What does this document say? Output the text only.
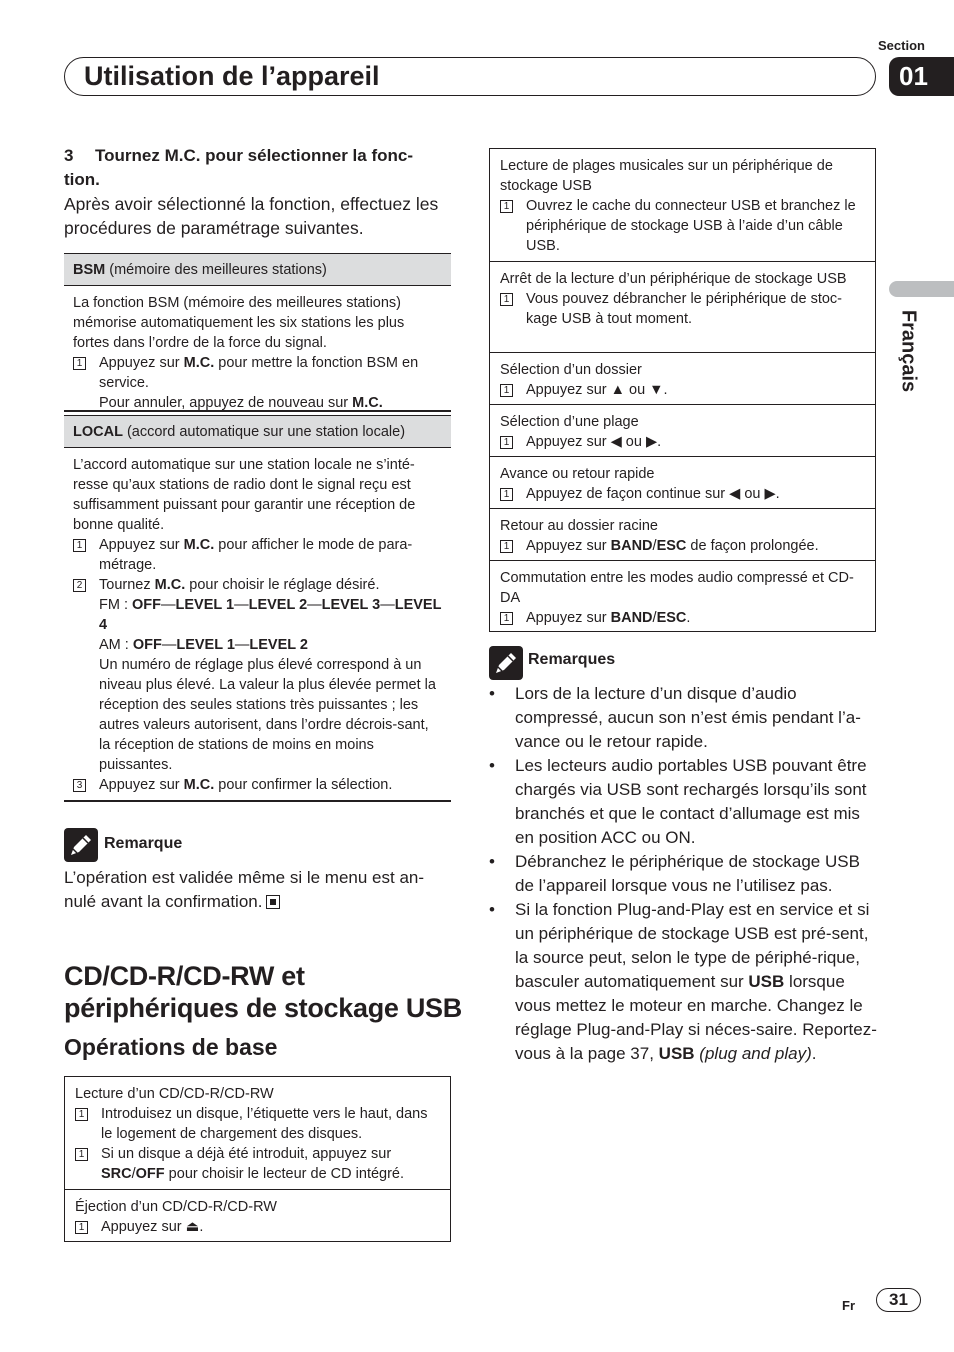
Section
Utilisation de l’appareil	01
Français
3 Tournez M.C. pour sélectionner la fonc-
tion.
Après avoir sélectionné la fonction, effectuez les procédures de paramétrage suivantes.
BSM (mémoire des meilleures stations)
La fonction BSM (mémoire des meilleures stations) mémorise automatiquement les six stations les plus fortes dans l’ordre de la force du signal.
1 Appuyez sur M.C. pour mettre la fonction BSM en service.
Pour annuler, appuyez de nouveau sur M.C.
LOCAL (accord automatique sur une station locale)
L’accord automatique sur une station locale ne s’inté-resse qu’aux stations de radio dont le signal reçu est suffisamment puissant pour garantir une réception de bonne qualité.
1 Appuyez sur M.C. pour afficher le mode de para-métrage.
2 Tournez M.C. pour choisir le réglage désiré.
FM : OFF—LEVEL 1—LEVEL 2—LEVEL 3—LEVEL 4
AM : OFF—LEVEL 1—LEVEL 2
Un numéro de réglage plus élevé correspond à un niveau plus élevé. La valeur la plus élevée permet la réception des seules stations très puissantes ; les autres valeurs autorisent, dans l’ordre décrois-sant, la réception de stations de moins en moins puissantes.
3 Appuyez sur M.C. pour confirmer la sélection.
Remarque
L’opération est validée même si le menu est an-nulé avant la confirmation.
CD/CD-R/CD-RW et
périphériques de stockage USB
Opérations de base
Lecture d’un CD/CD-R/CD-RW
1 Introduisez un disque, l’étiquette vers le haut, dans le logement de chargement des disques.
1 Si un disque a déjà été introduit, appuyez sur SRC/OFF pour choisir le lecteur de CD intégré.
Éjection d’un CD/CD-R/CD-RW
1 Appuyez sur ⏏.
Lecture de plages musicales sur un périphérique de stockage USB
1 Ouvrez le cache du connecteur USB et branchez le périphérique de stockage USB à l’aide d’un câble USB.
Arrêt de la lecture d’un périphérique de stockage USB
1 Vous pouvez débrancher le périphérique de stoc-kage USB à tout moment.
Sélection d’un dossier
1 Appuyez sur ▲ ou ▼.
Sélection d’une plage
1 Appuyez sur ◀ ou ▶.
Avance ou retour rapide
1 Appuyez de façon continue sur ◀ ou ▶.
Retour au dossier racine
1 Appuyez sur BAND/ESC de façon prolongée.
Commutation entre les modes audio compressé et CD-DA
1 Appuyez sur BAND/ESC.
Remarques
• Lors de la lecture d’un disque d’audio compressé, aucun son n’est émis pendant l’a-vance ou le retour rapide.
• Les lecteurs audio portables USB pouvant être chargés via USB sont rechargés lorsqu’ils sont branchés et que le contact d’allumage est mis en position ACC ou ON.
• Débranchez le périphérique de stockage USB de l’appareil lorsque vous ne l’utilisez pas.
• Si la fonction Plug-and-Play est en service et si un périphérique de stockage USB est pré-sent, la source peut, selon le type de périphé-rique, basculer automatiquement sur USB lorsque vous mettez le moteur en marche. Changez le réglage Plug-and-Play si néces-saire. Reportez-vous à la page 37, USB (plug and play).
Fr	31
